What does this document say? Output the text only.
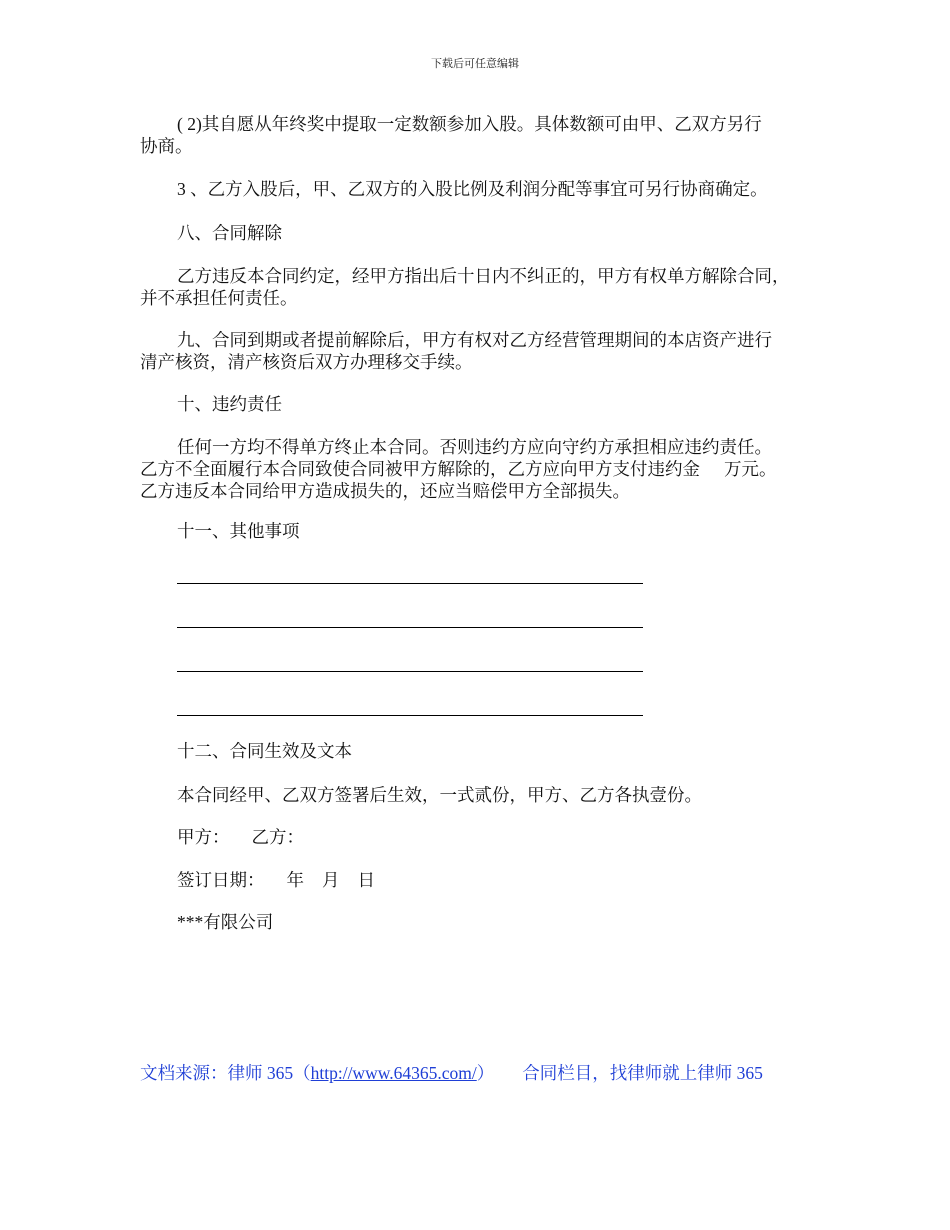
下载后可任意编辑
( 2)其自愿从年终奖中提取一定数额参加入股。具体数额可由甲、乙双方另行
协商。
3 、乙方入股后，甲、乙双方的入股比例及利润分配等事宜可另行协商确定。
八、合同解除
乙方违反本合同约定，经甲方指出后十日内不纠正的，甲方有权单方解除合同，
并不承担任何责任。
九、合同到期或者提前解除后，甲方有权对乙方经营管理期间的本店资产进行
清产核资，清产核资后双方办理移交手续。
十、违约责任
任何一方均不得单方终止本合同。否则违约方应向守约方承担相应违约责任。
乙方不全面履行本合同致使合同被甲方解除的，乙方应向甲方支付违约金 万元。
乙方违反本合同给甲方造成损失的，还应当赔偿甲方全部损失。
十一、其他事项
十二、合同生效及文本
本合同经甲、乙双方签署后生效，一式贰份，甲方、乙方各执壹份。
甲方： 乙方：
签订日期： 年 月 日
***有限公司
文档来源：律师 365（http://www.64365.com/） 合同栏目，找律师就上律师 365
